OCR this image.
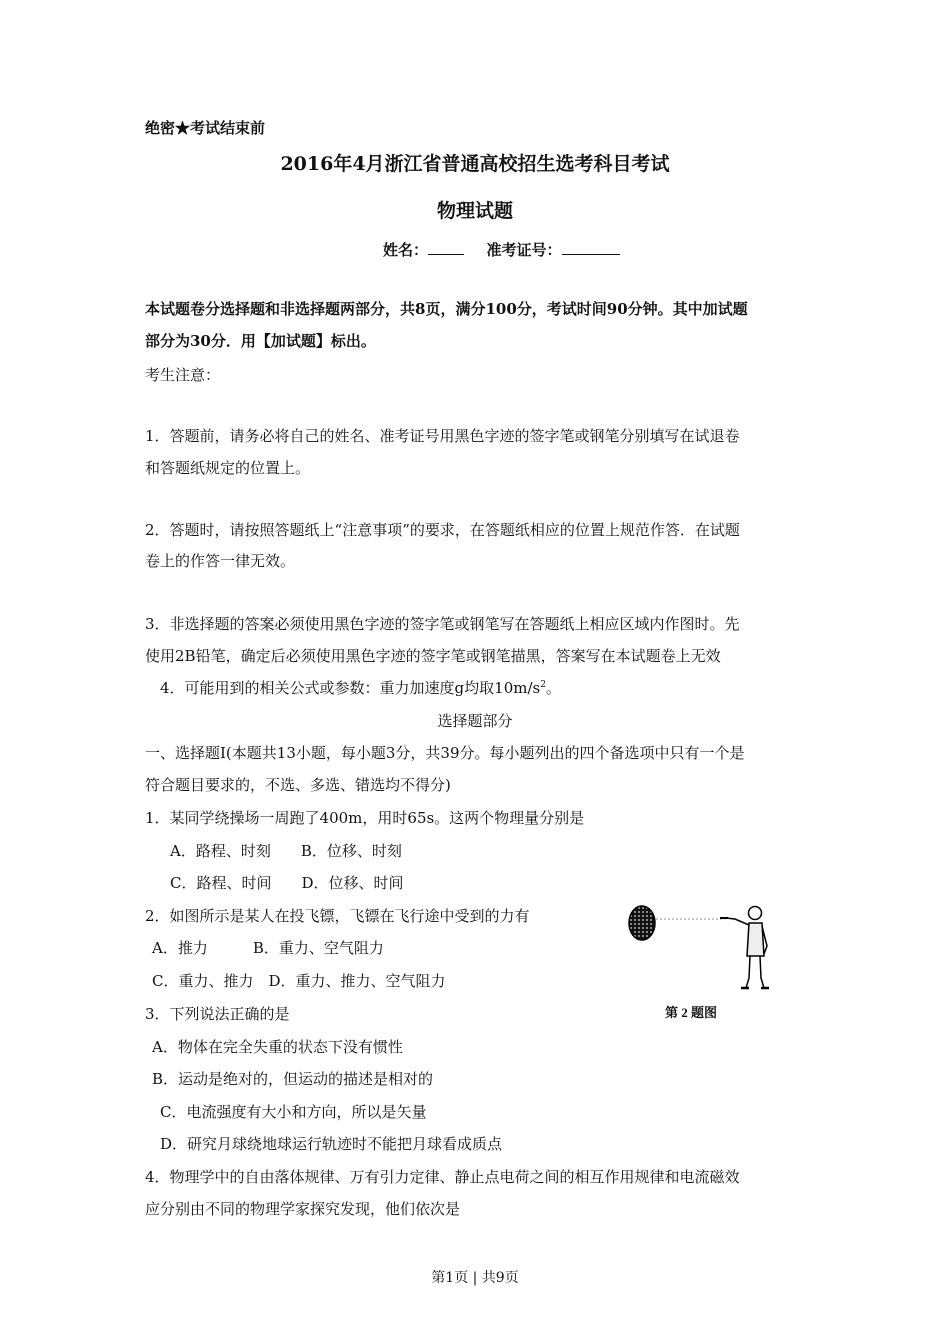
绝密★考试结束前
2016年4月浙江省普通高校招生选考科目考试
物理试题
姓名：	准考证号：
本试题卷分选择题和非选择题两部分，共8页，满分100分，考试时间90分钟。其中加试题
部分为30分．用【加试题】标出。
考生注意：
1．答题前，请务必将自己的姓名、准考证号用黑色字迹的签字笔或钢笔分别填写在试退卷
和答题纸规定的位置上。
2．答题时，请按照答题纸上“注意事项”的要求，在答题纸相应的位置上规范作答．在试题
卷上的作答一律无效。
3．非选择题的答案必须使用黑色字迹的签字笔或钢笔写在答题纸上相应区域内作图时。先
使用2B铅笔，确定后必须使用黑色字迹的签字笔或钢笔描黑，答案写在本试题卷上无效
4．可能用到的相关公式或参数：重力加速度g均取$10m/s^2$。
选择题部分
一、选择题I(本题共13小题，每小题3分，共39分。每小题列出的四个备选项中只有一个是
符合题目要求的，不选、多选、错选均不得分)
1．某同学绕操场一周跑了400m，用时65s。这两个物理量分别是
A．路程、时刻　　B．位移、时刻
C．路程、时间　　D．位移、时间
2．如图所示是某人在投飞镖，飞镖在飞行途中受到的力有
A．推力　　　B．重力、空气阻力
C．重力、推力　D．重力、推力、空气阻力
第 2 题图
3．下列说法正确的是
A．物体在完全失重的状态下没有惯性
B．运动是绝对的，但运动的描述是相对的
C．电流强度有大小和方向，所以是矢量
D．研究月球绕地球运行轨迹时不能把月球看成质点
4．物理学中的自由落体规律、万有引力定律、静止点电荷之间的相互作用规律和电流磁效
应分别由不同的物理学家探究发现，他们依次是
第1页 | 共9页
